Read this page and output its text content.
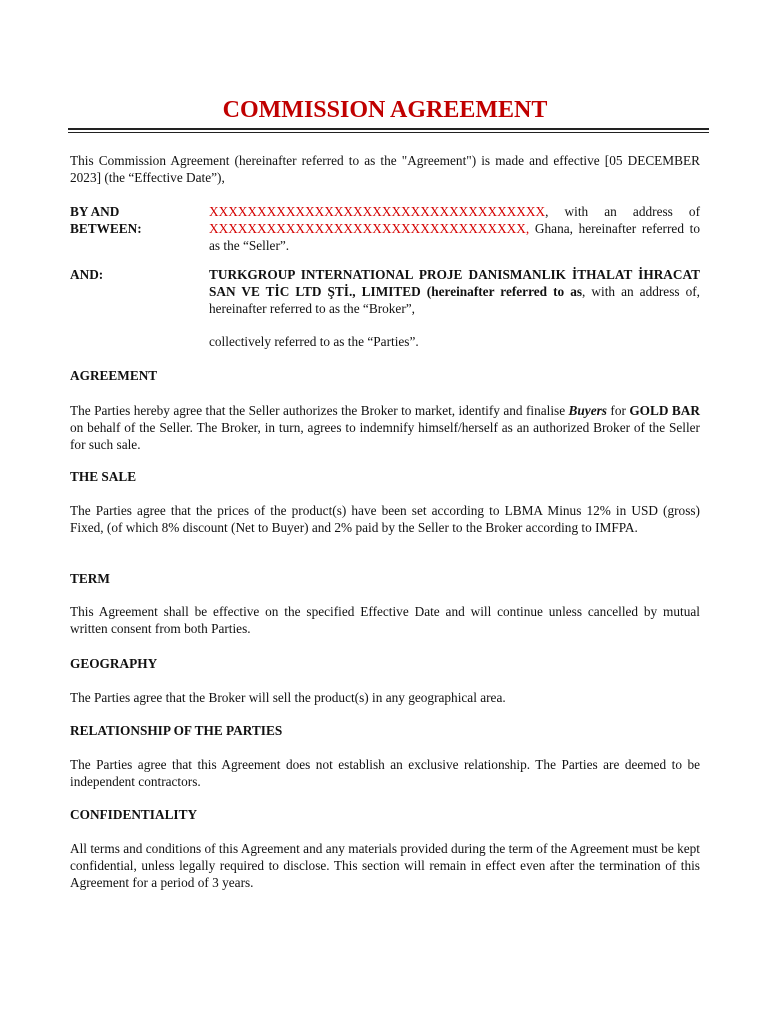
COMMISSION AGREEMENT
This Commission Agreement (hereinafter referred to as the "Agreement") is made and effective [05 DECEMBER 2023] (the “Effective Date”),
BY AND
BETWEEN:
XXXXXXXXXXXXXXXXXXXXXXXXXXXXXXXXXXX, with an address of XXXXXXXXXXXXXXXXXXXXXXXXXXXXXXXXX, Ghana, hereinafter referred to as the “Seller”.
AND:	TURKGROUP INTERNATIONAL PROJE DANISMANLIK İTHALAT İHRACAT SAN VE TİC LTD ŞTİ., LIMITED (hereinafter referred to as, with an address of, hereinafter referred to as the “Broker”,
collectively referred to as the “Parties”.
AGREEMENT
The Parties hereby agree that the Seller authorizes the Broker to market, identify and finalise Buyers for GOLD BAR on behalf of the Seller. The Broker, in turn, agrees to indemnify himself/herself as an authorized Broker of the Seller for such sale.
THE SALE
The Parties agree that the prices of the product(s) have been set according to LBMA Minus 12% in USD (gross) Fixed, (of which 8% discount (Net to Buyer) and 2% paid by the Seller to the Broker according to IMFPA.
TERM
This Agreement shall be effective on the specified Effective Date and will continue unless cancelled by mutual written consent from both Parties.
GEOGRAPHY
The Parties agree that the Broker will sell the product(s) in any geographical area.
RELATIONSHIP OF THE PARTIES
The Parties agree that this Agreement does not establish an exclusive relationship. The Parties are deemed to be independent contractors.
CONFIDENTIALITY
All terms and conditions of this Agreement and any materials provided during the term of the Agreement must be kept confidential, unless legally required to disclose. This section will remain in effect even after the termination of this Agreement for a period of 3 years.
